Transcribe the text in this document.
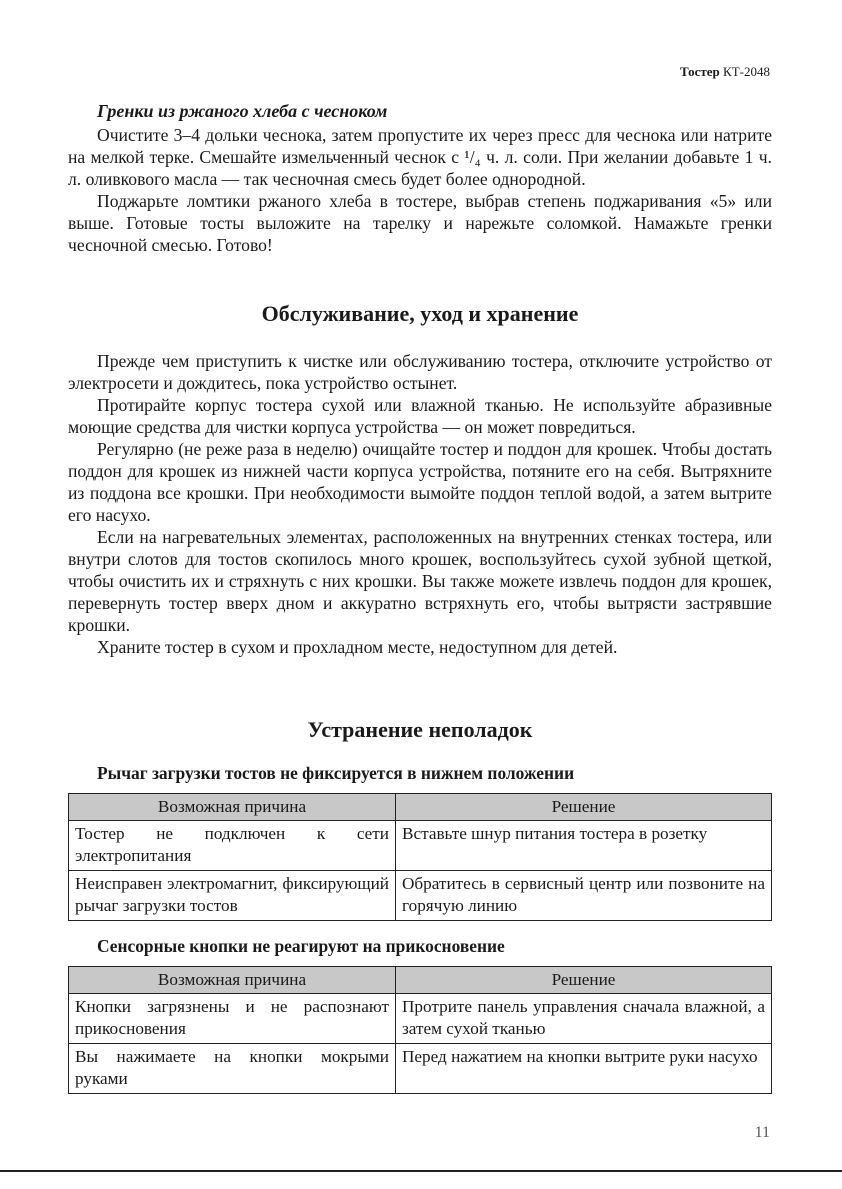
Тостер КТ-2048
Гренки из ржаного хлеба с чесноком

Очистите 3–4 дольки чеснока, затем пропустите их через пресс для чеснока или натрите на мелкой терке. Смешайте измельченный чеснок с ¹/₄ ч. л. соли. При желании добавьте 1 ч. л. оливкового масла — так чесночная смесь будет более однородной.

Поджарьте ломтики ржаного хлеба в тостере, выбрав степень поджаривания «5» или выше. Готовые тосты выложите на тарелку и нарежьте соломкой. Намажьте гренки чесночной смесью. Готово!

Обслуживание, уход и хранение

Прежде чем приступить к чистке или обслуживанию тостера, отключите устройство от электросети и дождитесь, пока устройство остынет.

Протирайте корпус тостера сухой или влажной тканью. Не используйте абразивные моющие средства для чистки корпуса устройства — он может повредиться.

Регулярно (не реже раза в неделю) очищайте тостер и поддон для крошек. Чтобы достать поддон для крошек из нижней части корпуса устройства, потяните его на себя. Вытряхните из поддона все крошки. При необходимости вымойте поддон теплой водой, а затем вытрите его насухо.

Если на нагревательных элементах, расположенных на внутренних стенках тостера, или внутри слотов для тостов скопилось много крошек, воспользуйтесь сухой зубной щеткой, чтобы очистить их и стряхнуть с них крошки. Вы также можете извлечь поддон для крошек, перевернуть тостер вверх дном и аккуратно встряхнуть его, чтобы вытрясти застрявшие крошки.

Храните тостер в сухом и прохладном месте, недоступном для детей.

Устранение неполадок
Рычаг загрузки тостов не фиксируется в нижнем положении
Возможная причина	Решение
Тостер не подключен к сети электропитания	Вставьте шнур питания тостера в розетку
Неисправен электромагнит, фиксирующий рычаг загрузки тостов	Обратитесь в сервисный центр или позвоните на горячую линию
Сенсорные кнопки не реагируют на прикосновение
Возможная причина	Решение
Кнопки загрязнены и не распознают прикосновения	Протрите панель управления сначала влажной, а затем сухой тканью
Вы нажимаете на кнопки мокрыми руками	Перед нажатием на кнопки вытрите руки насухо
11
